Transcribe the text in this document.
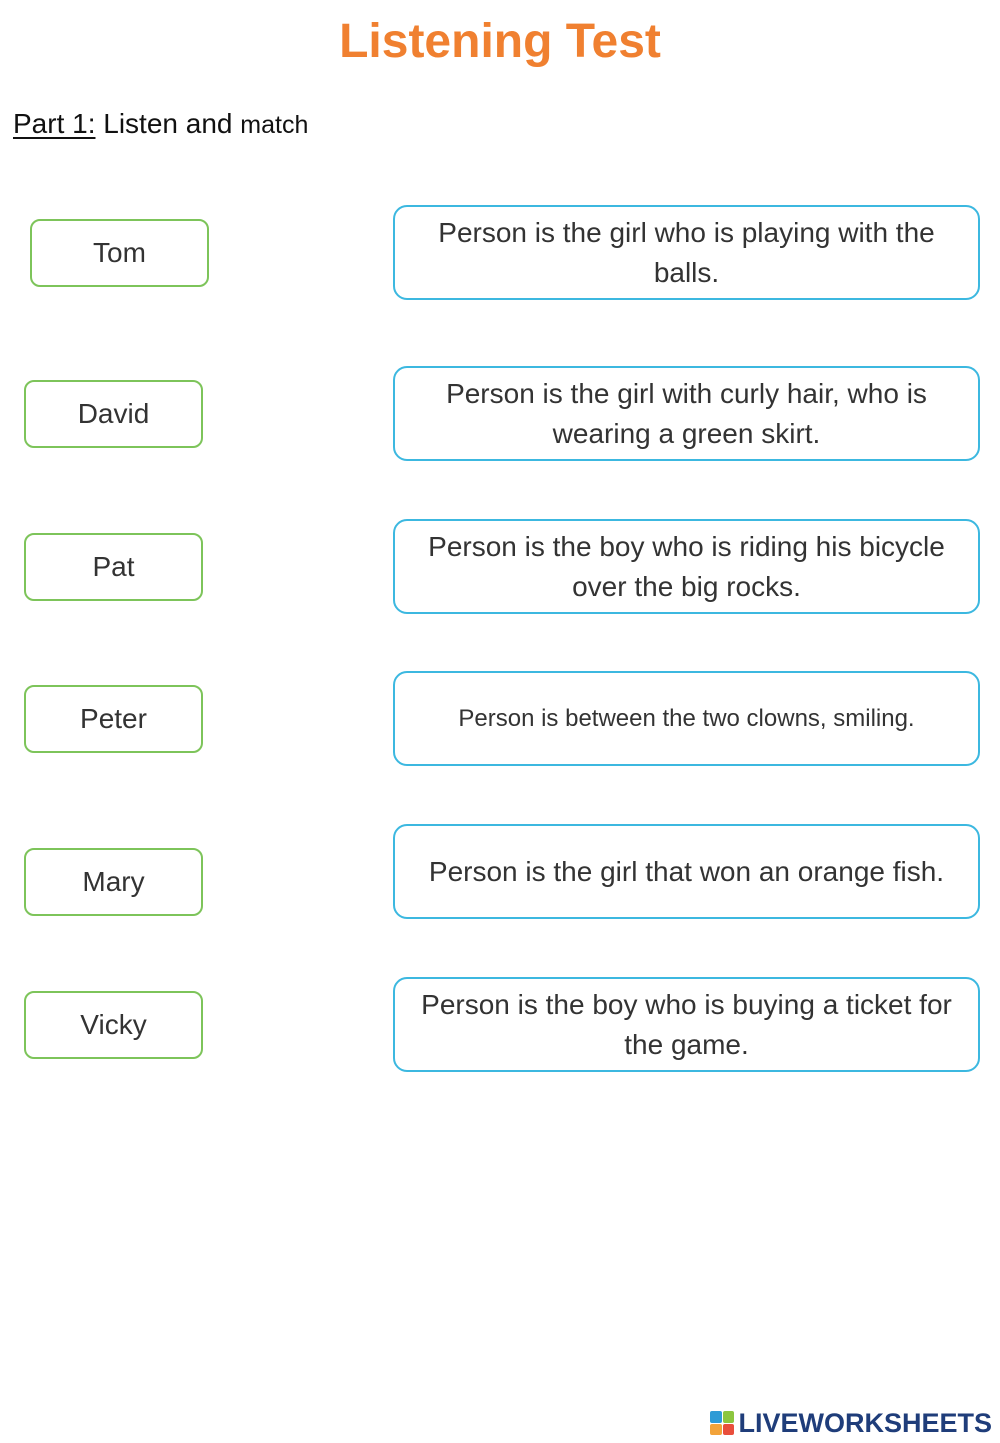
Listening Test
Part 1: Listen and match
Tom
David
Pat
Peter
Mary
Vicky
Person is the girl who is playing with the balls.
Person is the girl with curly hair, who is wearing a green skirt.
Person is the boy who is riding his bicycle over the big rocks.
Person is between the two clowns, smiling.
Person is the girl that won an orange fish.
Person is the boy who is buying a ticket for the game.
LIVEWORKSHEETS
